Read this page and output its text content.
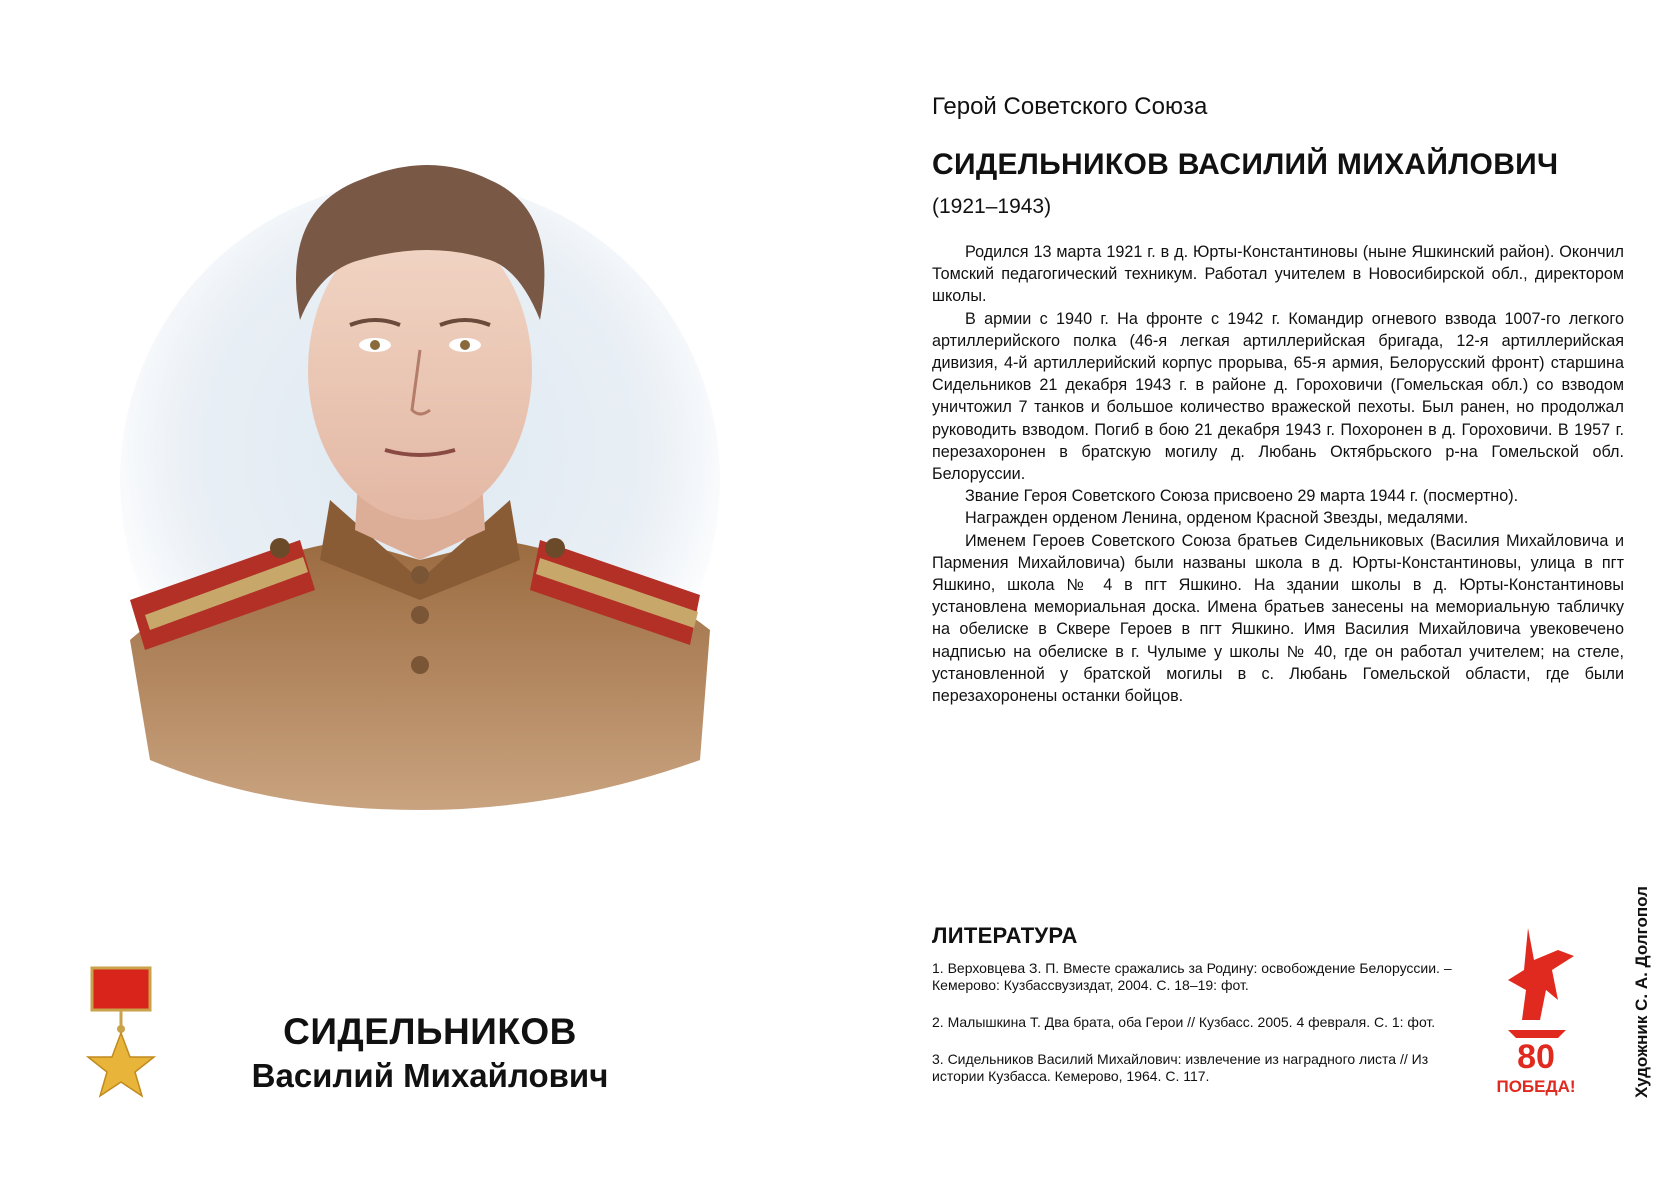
СИДЕЛЬНИКОВ
Василий Михайлович
Герой Советского Союза
СИДЕЛЬНИКОВ ВАСИЛИЙ МИХАЙЛОВИЧ
(1921–1943)

Родился 13 марта 1921 г. в д. Юрты-Константиновы (ныне Яшкинский район). Окончил Томский педагогический техникум. Работал учителем в Новосибирской обл., директором школы.

В армии с 1940 г. На фронте с 1942 г. Командир огневого взвода 1007-го легкого артиллерийского полка (46-я легкая артиллерийская бригада, 12-я артиллерийская дивизия, 4-й артиллерийский корпус прорыва, 65-я армия, Белорусский фронт) старшина Сидельников 21 декабря 1943 г. в районе д. Гороховичи (Гомельская обл.) со взводом уничтожил 7 танков и большое количество вражеской пехоты. Был ранен, но продолжал руководить взводом. Погиб в бою 21 декабря 1943 г. Похоронен в д. Гороховичи. В 1957 г. перезахоронен в братскую могилу д. Любань Октябрьского р-на Гомельской обл. Белоруссии.

Звание Героя Советского Союза присвоено 29 марта 1944 г. (посмертно).

Награжден орденом Ленина, орденом Красной Звезды, медалями.

Именем Героев Советского Союза братьев Сидельниковых (Василия Михайловича и Пармения Михайловича) были названы школа в д. Юрты-Константиновы, улица в пгт Яшкино, школа № 4 в пгт Яшкино. На здании школы в д. Юрты-Константиновы установлена мемориальная доска. Имена братьев занесены на мемориальную табличку на обелиске в Сквере Героев в пгт Яшкино. Имя Василия Михайловича увековечено надписью на обелиске в г. Чулыме у школы № 40, где он работал учителем; на стеле, установленной у братской могилы в с. Любань Гомельской области, где были перезахоронены останки бойцов.

ЛИТЕРАТУРА
1. Верховцева З. П. Вместе сражались за Родину: освобождение Белоруссии. – Кемерово: Кузбассвузиздат, 2004. С. 18–19: фот.
2. Малышкина Т. Два брата, оба Герои // Кузбасс. 2005. 4 февраля. С. 1: фот.
3. Сидельников Василий Михайлович: извлечение из наградного листа // Из истории Кузбасса. Кемерово, 1964. С. 117.	80
ПОБЕДА!	Художник С. А. Долгопол
